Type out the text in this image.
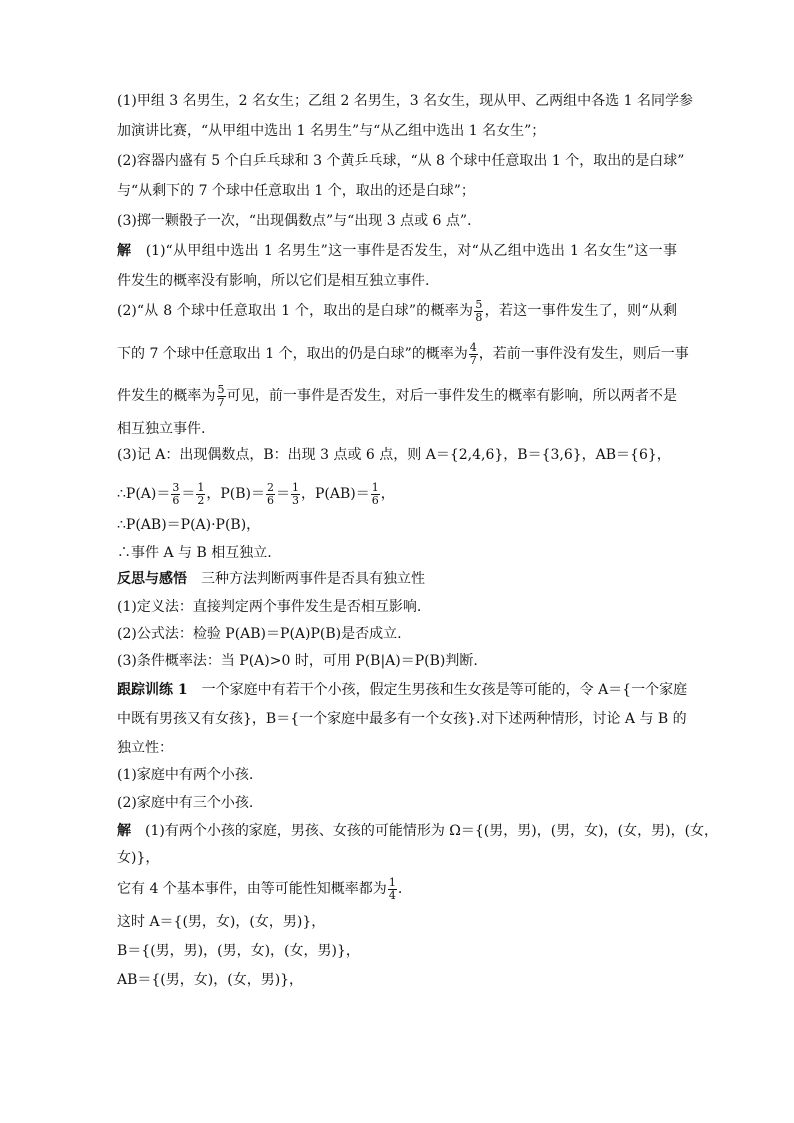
(1)甲组 3 名男生，2 名女生；乙组 2 名男生，3 名女生，现从甲、乙两组中各选 1 名同学参
加演讲比赛，“从甲组中选出 1 名男生”与“从乙组中选出 1 名女生”；
(2)容器内盛有 5 个白乒乓球和 3 个黄乒乓球，“从 8 个球中任意取出 1 个，取出的是白球”
与“从剩下的 7 个球中任意取出 1 个，取出的还是白球”；
(3)掷一颗骰子一次，“出现偶数点”与“出现 3 点或 6 点”．
解　(1)“从甲组中选出 1 名男生”这一事件是否发生，对“从乙组中选出 1 名女生”这一事
件发生的概率没有影响，所以它们是相互独立事件.
(2)“从 8 个球中任意取出 1 个，取出的是白球”的概率为 $\frac{5}{8}$ ，若这一事件发生了，则“从剩
下的 7 个球中任意取出 1 个，取出的仍是白球”的概率为 $\frac{4}{7}$ ，若前一事件没有发生，则后一事
件发生的概率为 $\frac{5}{7}$ 可见，前一事件是否发生，对后一事件发生的概率有影响，所以两者不是
相互独立事件.
(3)记 A：出现偶数点，B：出现 3 点或 6 点，则 A＝{2,4,6}，B＝{3,6}，AB＝{6}，
∴P(A)＝ $\frac{3}{6} = \frac{1}{2}$ ，$P(B)= \frac{2}{6} = \frac{1}{3}$ ，$P(AB)= \frac{1}{6}$ ，
∴P(AB)＝P(A)·P(B)，
∴事件 A 与 B 相互独立.
反思与感悟　三种方法判断两事件是否具有独立性
(1)定义法：直接判定两个事件发生是否相互影响.
(2)公式法：检验 P(AB)＝P(A)P(B)是否成立.
(3)条件概率法：当 P(A)>0 时，可用 P(B|A)＝P(B)判断.
跟踪训练 1　一个家庭中有若干个小孩，假定生男孩和生女孩是等可能的，令 A＝{一个家庭
中既有男孩又有女孩}，B＝{一个家庭中最多有一个女孩}.对下述两种情形，讨论 A 与 B 的
独立性：
(1)家庭中有两个小孩.
(2)家庭中有三个小孩.
解　(1)有两个小孩的家庭，男孩、女孩的可能情形为 Ω＝{(男，男)，(男，女)，(女，男)，(女，
女)}，
它有 4 个基本事件，由等可能性知概率都为 $\frac{1}{4}$ .
这时 A＝{(男，女)，(女，男)}，
B＝{(男，男)，(男，女)，(女，男)}，
AB＝{(男，女)，(女，男)}，
